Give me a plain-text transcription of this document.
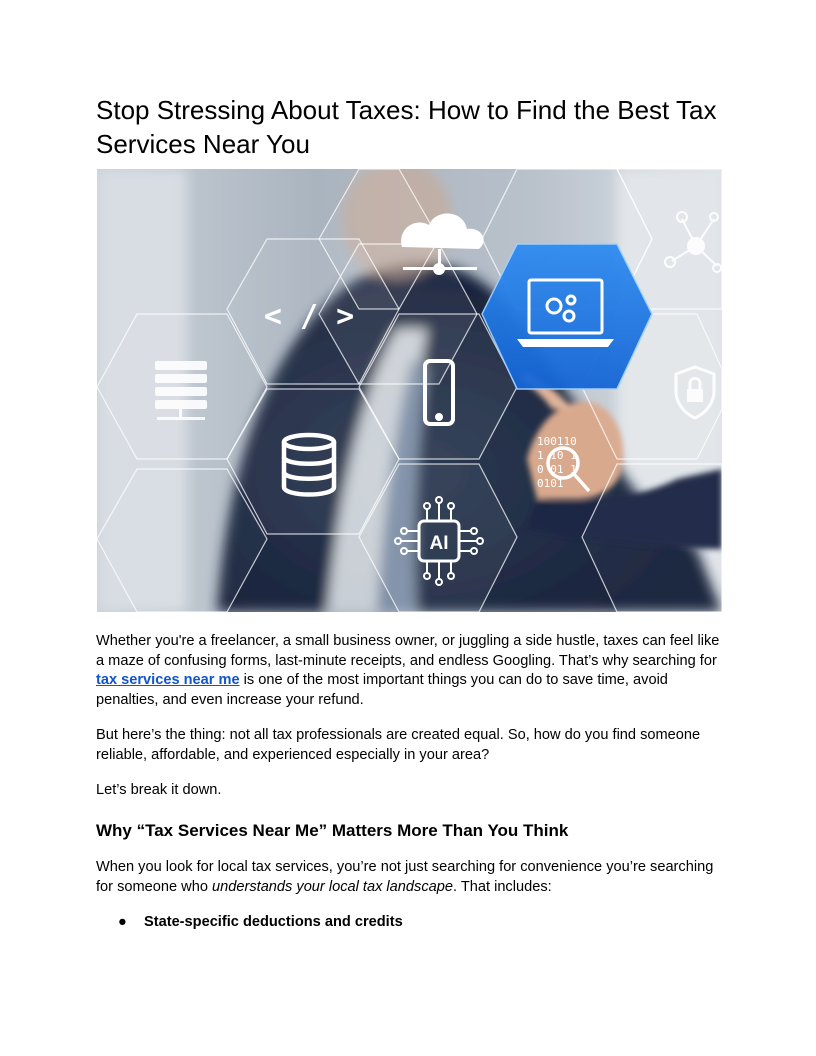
Stop Stressing About Taxes: How to Find the Best Tax Services Near You
< / >
AI
100110
1 10 1
0 01 1
0101

Whether you're a freelancer, a small business owner, or juggling a side hustle, taxes can feel like a maze of confusing forms, last-minute receipts, and endless Googling. That’s why searching for tax services near me is one of the most important things you can do to save time, avoid penalties, and even increase your refund.

But here’s the thing: not all tax professionals are created equal. So, how do you find someone reliable, affordable, and experienced especially in your area?

Let’s break it down.

Why “Tax Services Near Me” Matters More Than You Think

When you look for local tax services, you’re not just searching for convenience you’re searching for someone who understands your local tax landscape. That includes:

● State-specific deductions and credits
